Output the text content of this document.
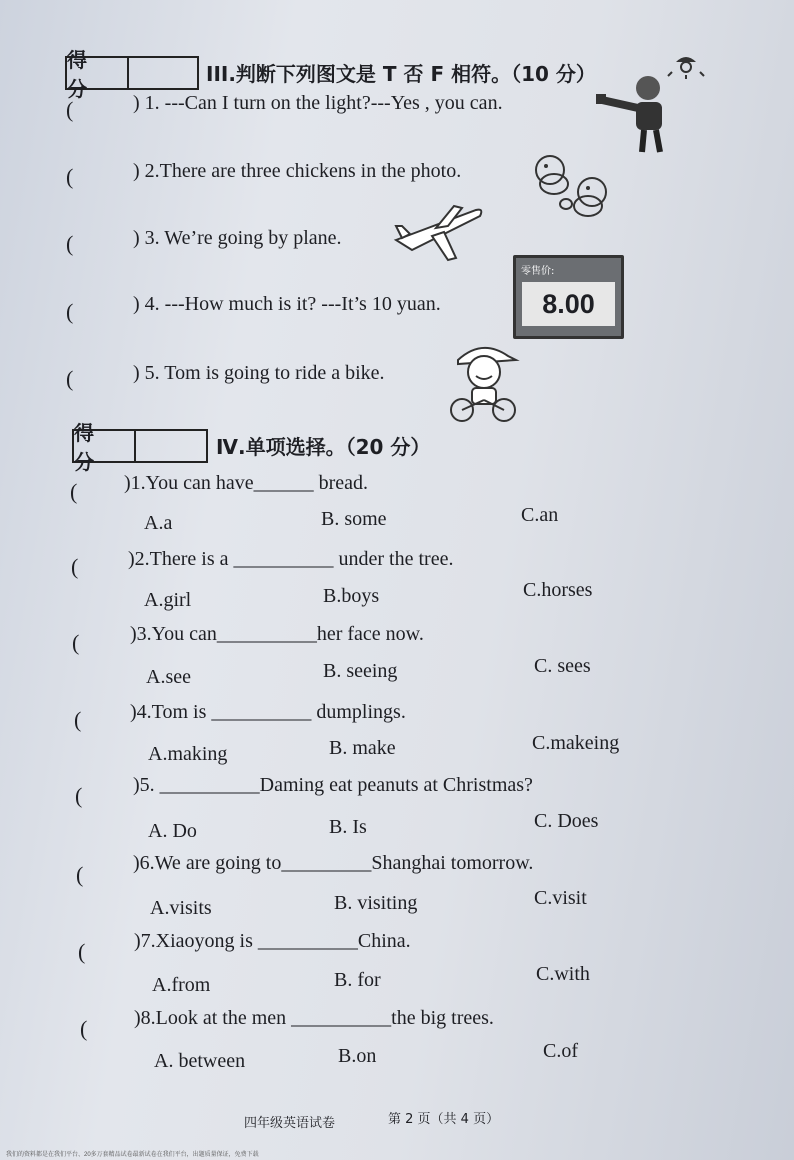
我们的资料都是在我们平台、20多万套精品试卷最新试卷在我们平台，出题质量保证，免费下载
得 分
III.判断下列图文是 T 否 F 相符。（10 分）
(	) 1. ---Can I turn on the light?---Yes , you can.
(	) 2.There are three chickens in the photo.
(	) 3. We’re going by plane.
(	) 4. ---How much is it? ---It’s 10 yuan.
零售价:
8.00
(	) 5. Tom is going to ride a bike.
得 分
Ⅳ.单项选择。（20 分）
( )1.You can have______ bread.
A.a	B. some	C.an
( )2.There is a __________ under the tree.
A.girl	B.boys	C.horses
(	)3.You can__________her face now.
A.see	B. seeing	C. sees
( )4.Tom is __________ dumplings.
A.making	B. make	C.makeing
(	)5. __________Daming eat peanuts at Christmas?
A. Do	B. Is	C. Does
( )6.We are going to_________Shanghai tomorrow.
A.visits	B. visiting	C.visit
( )7.Xiaoyong is __________China.
A.from	B. for	C.with
( )8.Look at the men __________the big trees.
A. between	B.on	C.of
四年级英语试卷	第 2 页（共 4 页）
